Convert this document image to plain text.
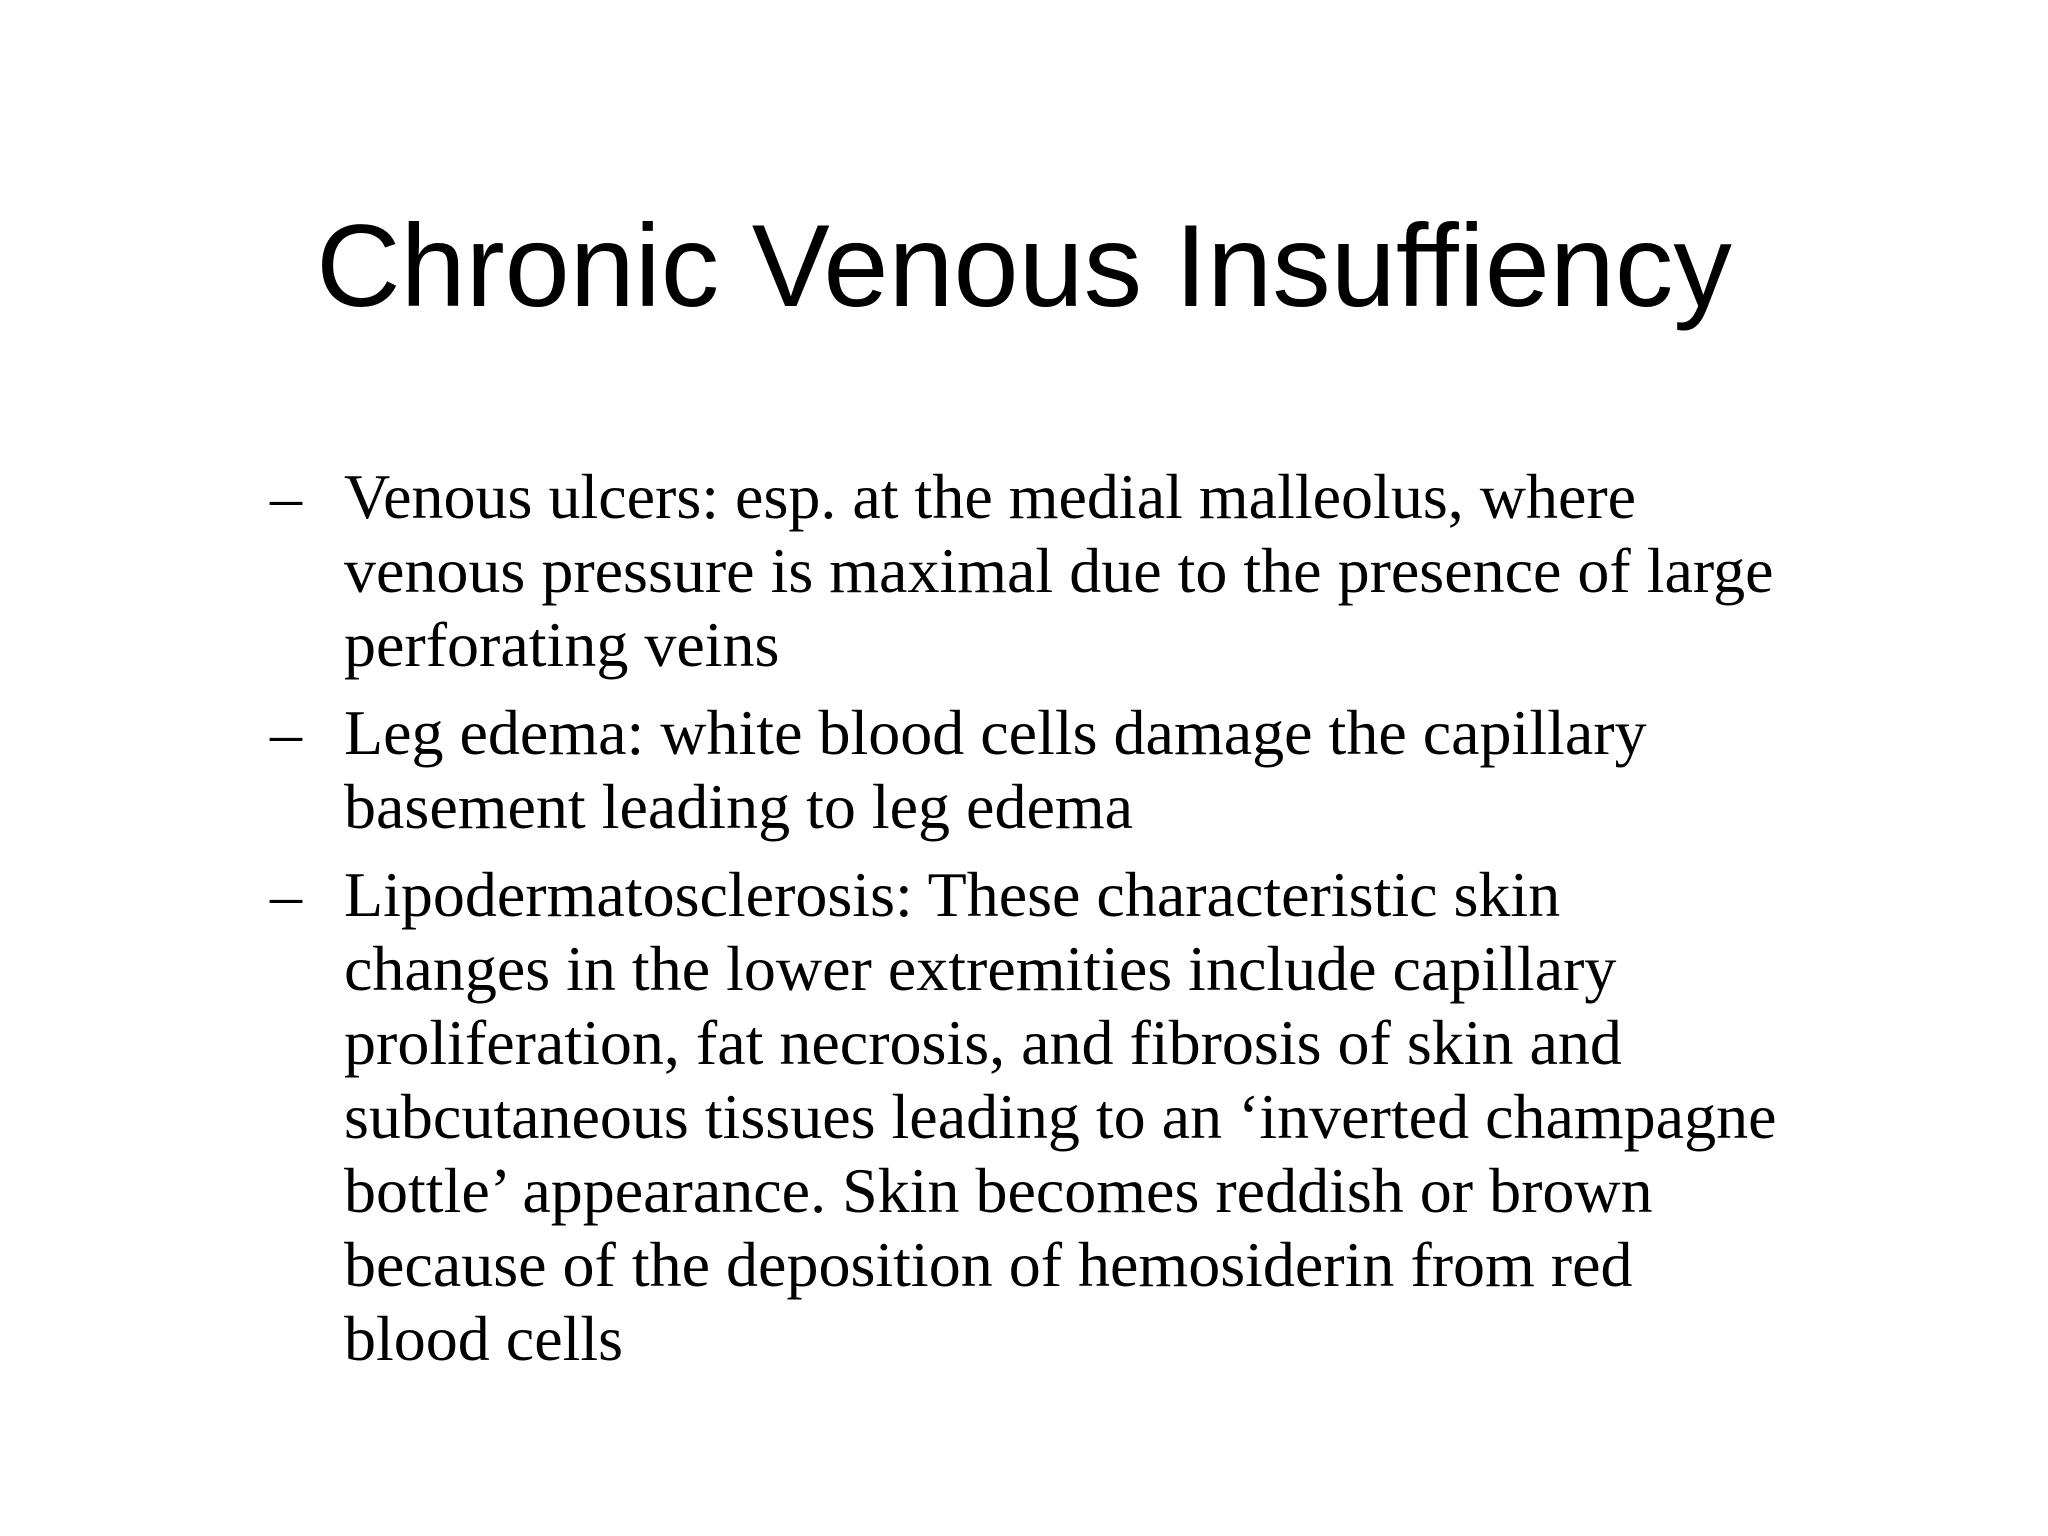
Chronic Venous Insuffiency
– Venous ulcers: esp. at the medial malleolus, where
venous pressure is maximal due to the presence of large
perforating veins
– Leg edema: white blood cells damage the capillary
basement leading to leg edema
– Lipodermatosclerosis: These characteristic skin
changes in the lower extremities include capillary
proliferation, fat necrosis, and fibrosis of skin and
subcutaneous tissues leading to an ‘inverted champagne
bottle’ appearance. Skin becomes reddish or brown
because of the deposition of hemosiderin from red
blood cells
